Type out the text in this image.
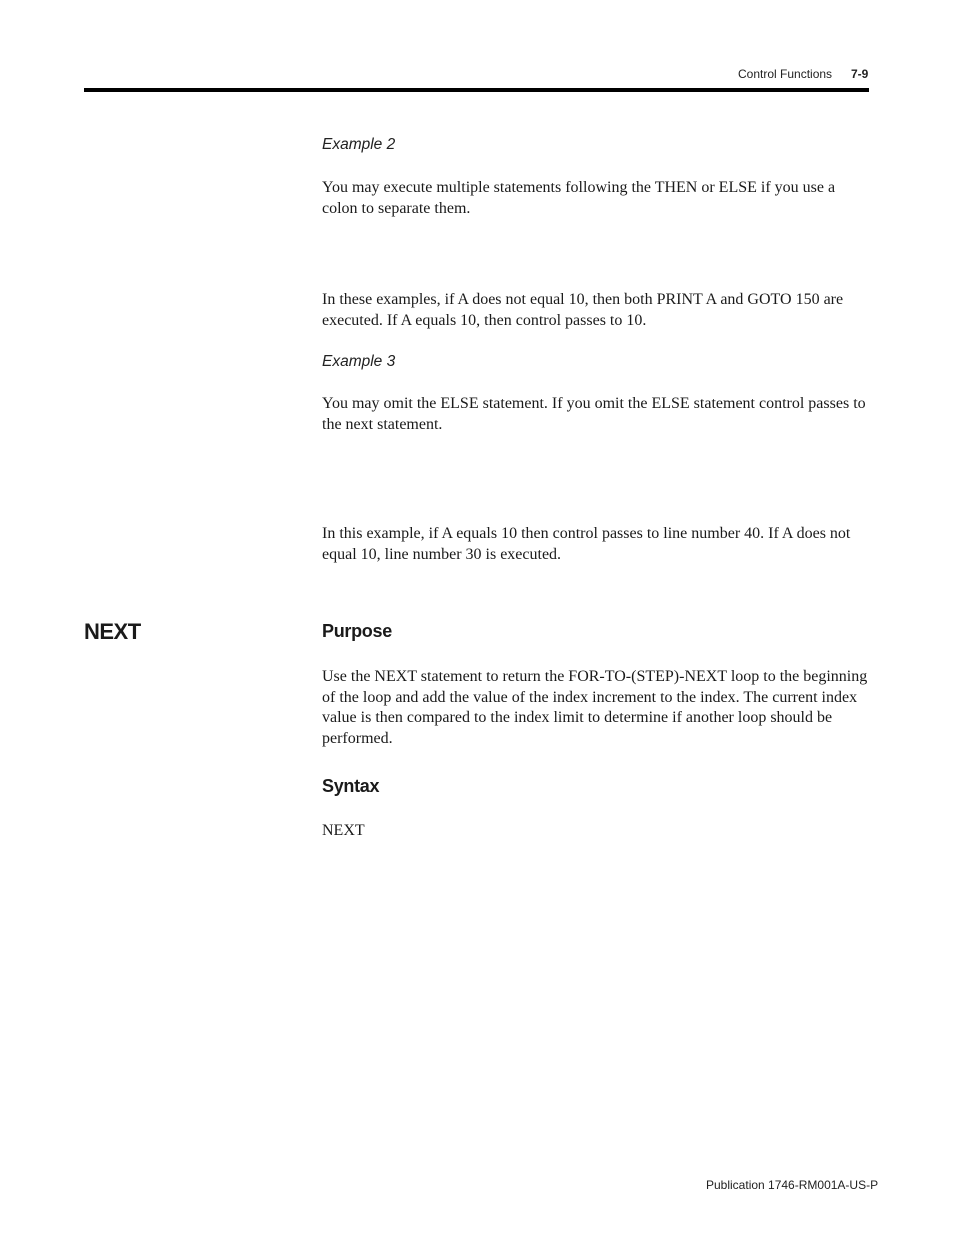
Control Functions 7-9
Example 2

You may execute multiple statements following the THEN or ELSE if you use a colon to separate them.

In these examples, if A does not equal 10, then both PRINT A and GOTO 150 are executed. If A equals 10, then control passes to 10.

Example 3

You may omit the ELSE statement. If you omit the ELSE statement control passes to the next statement.

In this example, if A equals 10 then control passes to line number 40. If A does not equal 10, line number 30 is executed.

NEXT	Purpose

Use the NEXT statement to return the FOR-TO-(STEP)-NEXT loop to the beginning of the loop and add the value of the index increment to the index. The current index value is then compared to the index limit to determine if another loop should be performed.

Syntax

NEXT

Publication 1746-RM001A-US-P
